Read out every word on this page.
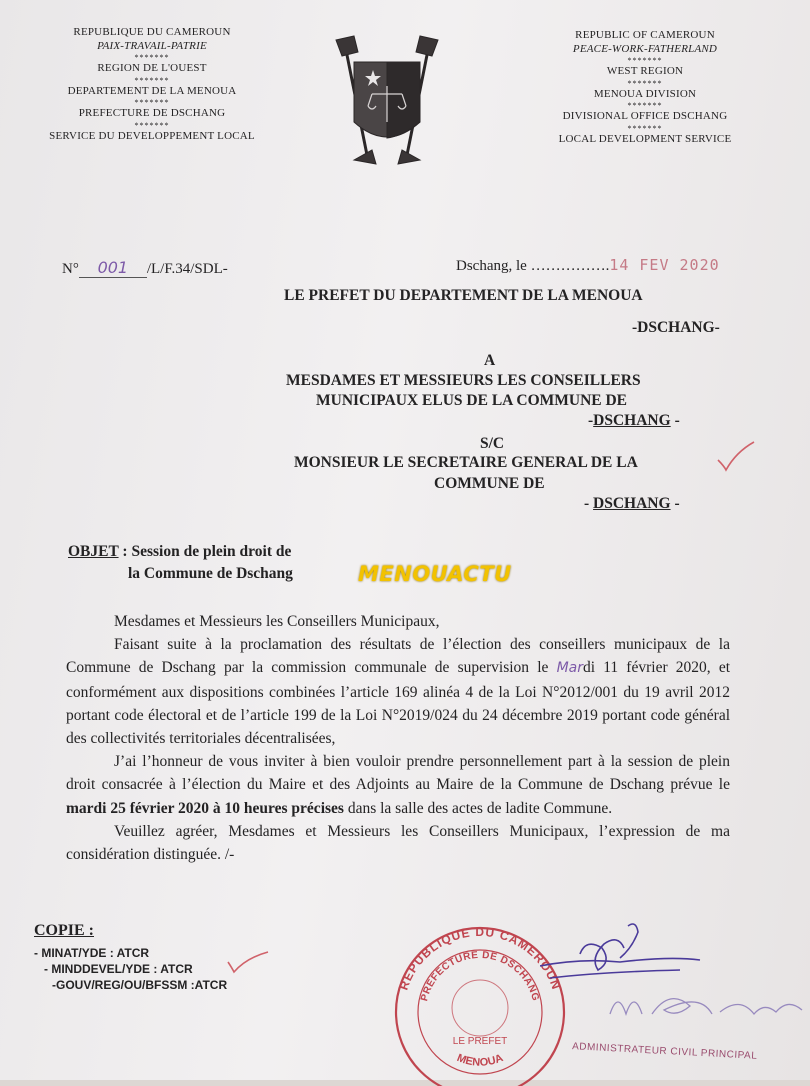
REPUBLIQUE DU CAMEROUN
PAIX-TRAVAIL-PATRIE
*******
REGION DE L'OUEST
*******
DEPARTEMENT DE LA MENOUA
*******
PREFECTURE DE DSCHANG
*******
SERVICE DU DEVELOPPEMENT LOCAL
REPUBLIC OF CAMEROUN
PEACE-WORK-FATHERLAND
*******
WEST REGION
*******
MENOUA DIVISION
*******
DIVISIONAL OFFICE DSCHANG
*******
LOCAL DEVELOPMENT SERVICE
N° 001 /L/F.34/SDL-	Dschang, le …………….14 FEV 2020
LE PREFET DU DEPARTEMENT DE LA MENOUA
-DSCHANG-
A
MESDAMES ET MESSIEURS LES CONSEILLERS
MUNICIPAUX ELUS DE LA COMMUNE DE
-DSCHANG -
S/C
MONSIEUR LE SECRETAIRE GENERAL DE LA
COMMUNE DE
- DSCHANG -
OBJET : Session de plein droit de
la Commune de Dschang	MENOUACTU

Mesdames et Messieurs les Conseillers Municipaux,

Faisant suite à la proclamation des résultats de l’élection des conseillers municipaux de la Commune de Dschang par la commission communale de supervision le Mardi 11 février 2020, et conformément aux dispositions combinées l’article 169 alinéa 4 de la Loi N°2012/001 du 19 avril 2012 portant code électoral et de l’article 199 de la Loi N°2019/024 du 24 décembre 2019 portant code général des collectivités territoriales décentralisées,

J’ai l’honneur de vous inviter à bien vouloir prendre personnellement part à la session de plein droit consacrée à l’élection du Maire et des Adjoints au Maire de la Commune de Dschang prévue le mardi 25 février 2020 à 10 heures précises dans la salle des actes de ladite Commune.

Veuillez agréer, Mesdames et Messieurs les Conseillers Municipaux, l’expression de ma considération distinguée. /-

COPIE :
- MINAT/YDE : ATCR
- MINDDEVEL/YDE : ATCR
-GOUV/REG/OU/BFSSM :ATCR	REPUBLIQUE DU CAMEROUN
PREFECTURE DE DSCHANG
LE PREFET
MENOUA	ADMINISTRATEUR CIVIL PRINCIPAL
